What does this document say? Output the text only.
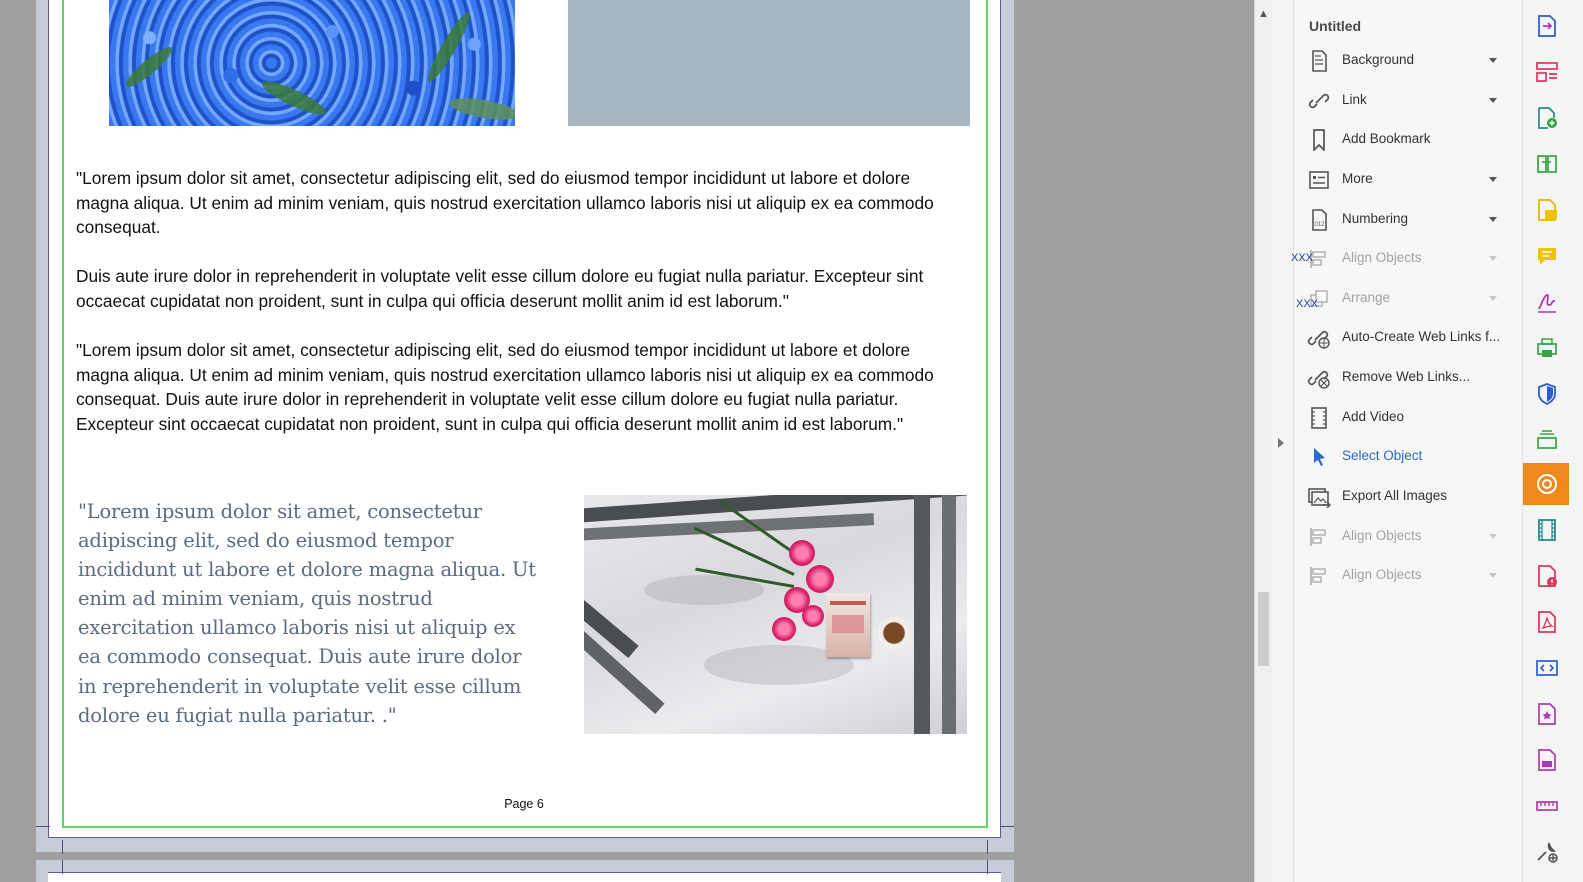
"Lorem ipsum dolor sit amet, consectetur adipiscing elit, sed do eiusmod tempor incididunt ut labore et dolore magna aliqua. Ut enim ad minim veniam, quis nostrud exercitation ullamco laboris nisi ut aliquip ex ea commodo consequat.

Duis aute irure dolor in reprehenderit in voluptate velit esse cillum dolore eu fugiat nulla pariatur. Excepteur sint occaecat cupidatat non proident, sunt in culpa qui officia deserunt mollit anim id est laborum."

"Lorem ipsum dolor sit amet, consectetur adipiscing elit, sed do eiusmod tempor incididunt ut labore et dolore magna aliqua. Ut enim ad minim veniam, quis nostrud exercitation ullamco laboris nisi ut aliquip ex ea commodo consequat. Duis aute irure dolor in reprehenderit in voluptate velit esse cillum dolore eu fugiat nulla pariatur. Excepteur sint occaecat cupidatat non proident, sunt in culpa qui officia deserunt mollit anim id est laborum."

"Lorem ipsum dolor sit amet, consectetur adipiscing elit, sed do eiusmod tempor incididunt ut labore et dolore magna aliqua. Ut enim ad minim veniam, quis nostrud exercitation ullamco laboris nisi ut aliquip ex ea commodo consequat. Duis aute irure dolor in reprehenderit in voluptate velit esse cillum dolore eu fugiat nulla pariatur. ."

Page 6
▲
Untitled
Background
Link
Add Bookmark
More
012 Numbering
Align Objects
Arrange
Auto-Create Web Links f...
Remove Web Links...
Add Video
Select Object
Export All Images
Align Objects
Align Objects
XXX
XXX
